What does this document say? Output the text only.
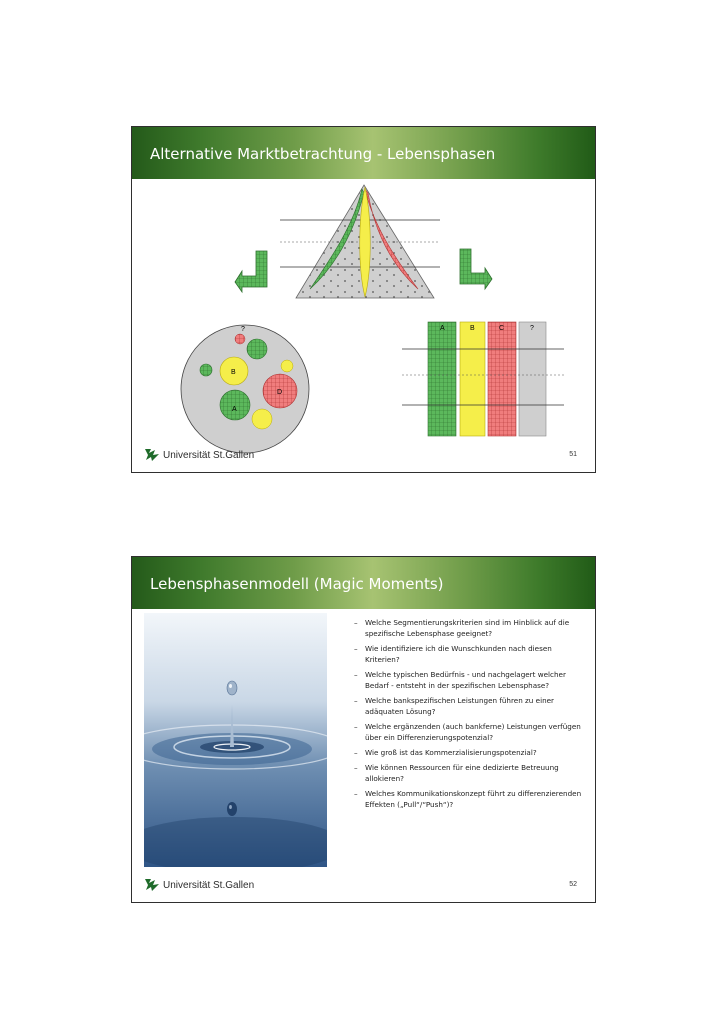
Alternative Marktbetrachtung - Lebensphasen
?
B
D
A
A	B	C	?
Universität St.Gallen	51
Lebensphasenmodell (Magic Moments)
– Welche Segmentierungskriterien sind im Hinblick auf die spezifische Lebensphase geeignet?
– Wie identifiziere ich die Wunschkunden nach diesen Kriterien?
– Welche typischen Bedürfnis - und nachgelagert welcher Bedarf - entsteht in der spezifischen Lebensphase?
– Welche bankspezifischen Leistungen führen zu einer adäquaten Lösung?
– Welche ergänzenden (auch bankferne) Leistungen verfügen über ein Differenzierungspotenzial?
– Wie groß ist das Kommerzialisierungspotenzial?
– Wie können Ressourcen für eine dedizierte Betreuung allokieren?
– Welches Kommunikationskonzept führt zu differenzierenden Effekten („Pull“/“Push“)?
Universität St.Gallen	52
